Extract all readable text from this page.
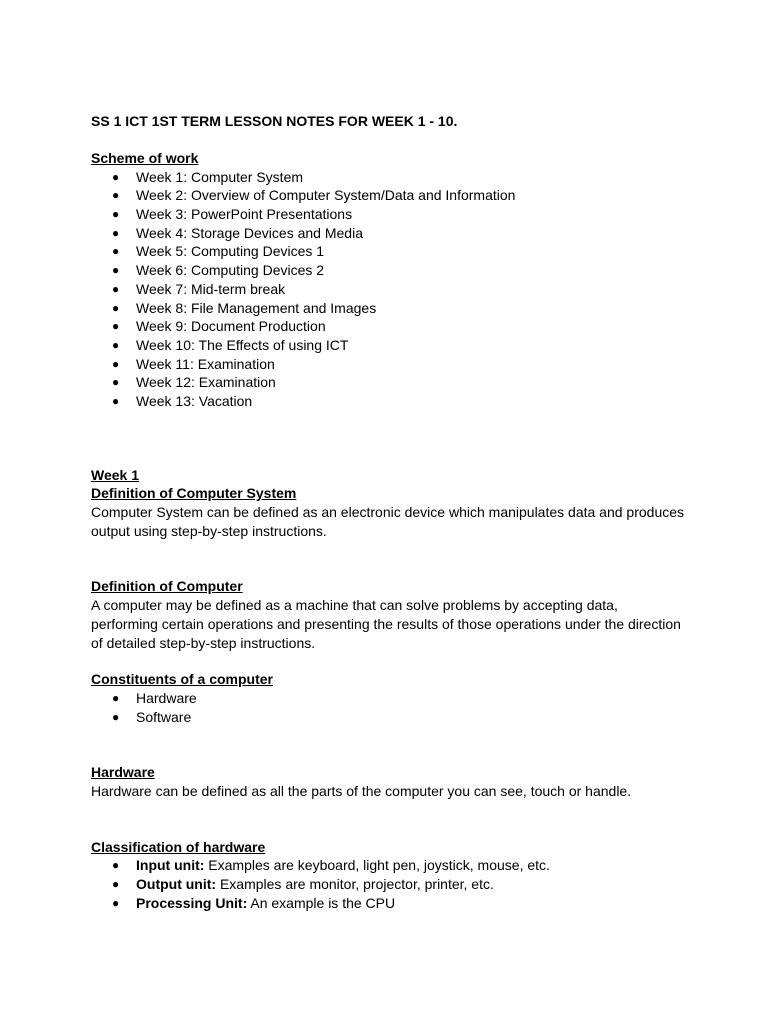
SS 1 ICT 1ST TERM LESSON NOTES FOR WEEK 1 - 10.

Scheme of work

● Week 1: Computer System
● Week 2: Overview of Computer System/Data and Information
● Week 3: PowerPoint Presentations
● Week 4: Storage Devices and Media
● Week 5: Computing Devices 1
● Week 6: Computing Devices 2
● Week 7: Mid-term break
● Week 8: File Management and Images
● Week 9: Document Production
● Week 10: The Effects of using ICT
● Week 11: Examination
● Week 12: Examination
● Week 13: Vacation

Week 1

Definition of Computer System

Computer System can be defined as an electronic device which manipulates data and produces

output using step-by-step instructions.

Definition of Computer

A computer may be defined as a machine that can solve problems by accepting data,

performing certain operations and presenting the results of those operations under the direction

of detailed step-by-step instructions.

Constituents of a computer

● Hardware
● Software

Hardware

Hardware can be defined as all the parts of the computer you can see, touch or handle.

Classification of hardware

● Input unit: Examples are keyboard, light pen, joystick, mouse, etc.
● Output unit: Examples are monitor, projector, printer, etc.
● Processing Unit: An example is the CPU
